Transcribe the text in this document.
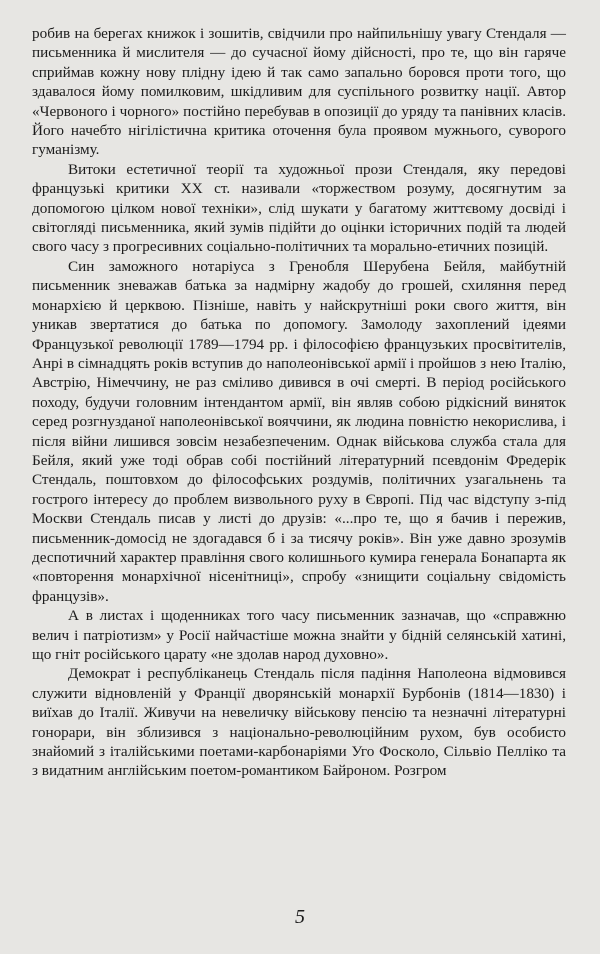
робив на берегах книжок і зошитів, свідчили про найпильнішу увагу Стендаля — письменника й мислителя — до сучасної йому дійсності, про те, що він гаряче сприймав кожну нову плідну ідею й так само запально боровся проти того, що здавалося йому помилковим, шкідливим для суспільного розвитку нації. Автор «Червоного і чорного» постійно перебував в опозиції до уряду та панівних класів. Його начебто нігілістична критика оточення була проявом мужнього, суворого гуманізму.

Витоки естетичної теорії та художньої прози Стендаля, яку передові французькі критики XX ст. називали «торжеством розуму, досягнутим за допомогою цілком нової техніки», слід шукати у багатому життєвому досвіді і світогляді письменника, який зумів підійти до оцінки історичних подій та людей свого часу з прогресивних соціально-політичних та морально-етичних позицій.

Син заможного нотаріуса з Гренобля Шерубена Бейля, майбутній письменник зневажав батька за надмірну жадобу до грошей, схиляння перед монархією й церквою. Пізніше, навіть у найскрутніші роки свого життя, він уникав звертатися до батька по допомогу. Замолоду захоплений ідеями Французької революції 1789—1794 рр. і філософією французьких просвітителів, Анрі в сімнадцять років вступив до наполеонівської армії і пройшов з нею Італію, Австрію, Німеччину, не раз сміливо дивився в очі смерті. В період російського походу, будучи головним інтендантом армії, він являв собою рідкісний виняток серед розгнузданої наполеонівської вояччини, як людина повністю некорислива, і після війни лишився зовсім незабезпеченим. Однак військова служба стала для Бейля, який уже тоді обрав собі постійний літературний псевдонім Фредерік Стендаль, поштовхом до філософських роздумів, політичних узагальнень та гострого інтересу до проблем визвольного руху в Європі. Під час відступу з-під Москви Стендаль писав у листі до друзів: «...про те, що я бачив і пережив, письменник-домосід не здогадався б і за тисячу років». Він уже давно зрозумів деспотичний характер правління свого колишнього кумира генерала Бонапарта як «повторення монархічної нісенітниці», спробу «знищити соціальну свідомість французів».

А в листах і щоденниках того часу письменник зазначав, що «справжню велич і патріотизм» у Росії найчастіше можна знайти у бідній селянській хатині, що гніт російського царату «не здолав народ духовно».

Демократ і республіканець Стендаль після падіння Наполеона відмовився служити відновленій у Франції дворянській монархії Бурбонів (1814—1830) і виїхав до Італії. Живучи на невеличку військову пенсію та незначні літературні гонорари, він зблизився з національно-революційним рухом, був особисто знайомий з італійськими поетами-карбонаріями Уго Фосколо, Сільвіо Пелліко та з видатним англійським поетом-романтиком Байроном. Розгром

5
